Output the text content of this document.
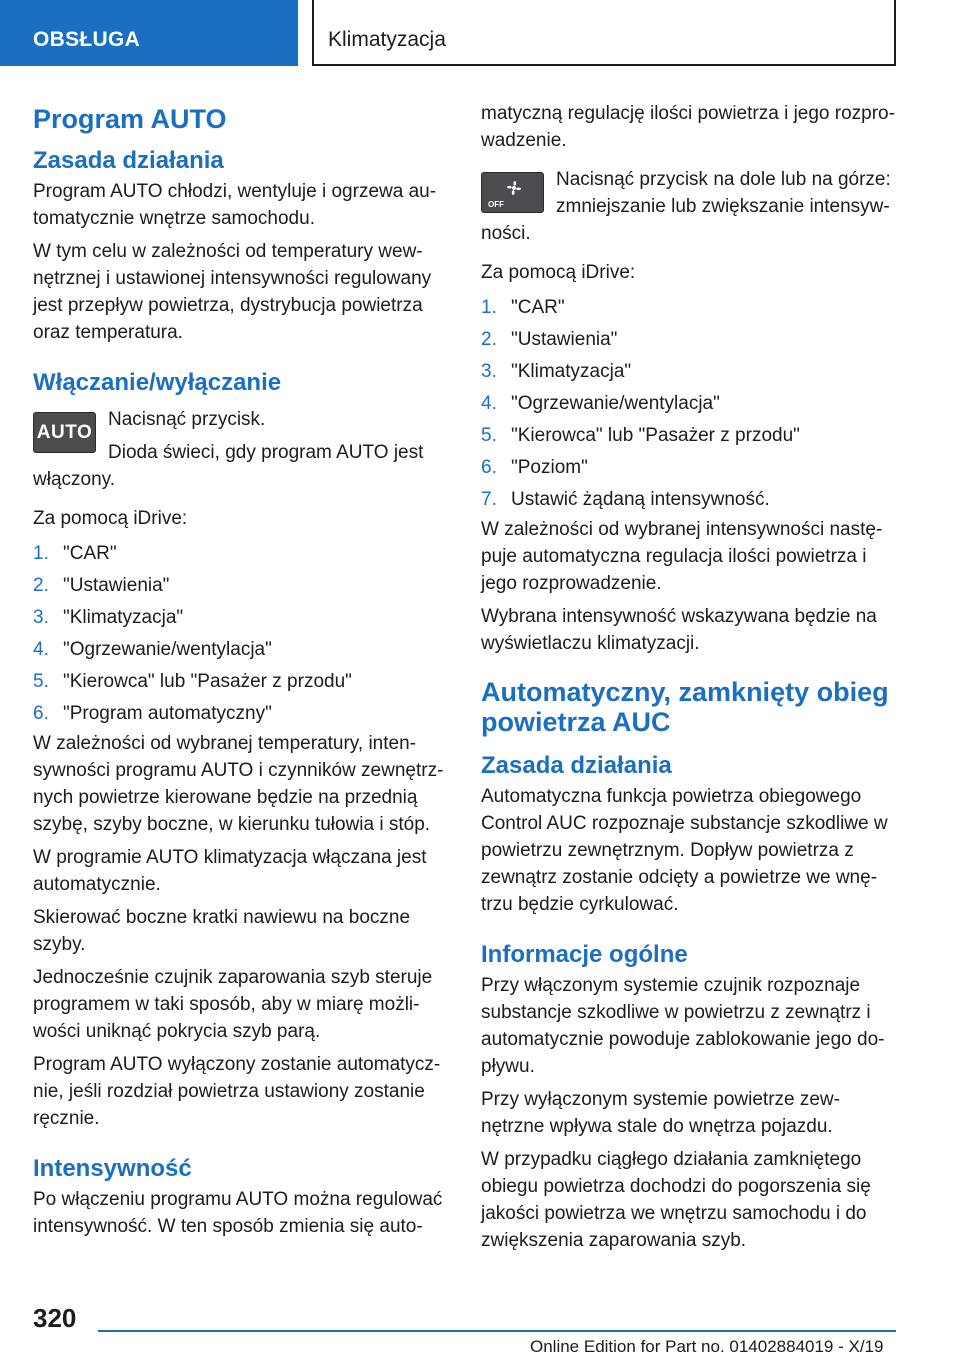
OBSŁUGA	Klimatyzacja
Program AUTO
Zasada działania

Program AUTO chłodzi, wentyluje i ogrzewa au-tomatycznie wnętrze samochodu.

W tym celu w zależności od temperatury wew-nętrznej i ustawionej intensywności regulowany jest przepływ powietrza, dystrybucja powietrza oraz temperatura.

Włączanie/wyłączanie
AUTO

Nacisnąć przycisk.

Dioda świeci, gdy program AUTO jest włączony.

Za pomocą iDrive:

1. "CAR"
2. "Ustawienia"
3. "Klimatyzacja"
4. "Ogrzewanie/wentylacja"
5. "Kierowca" lub "Pasażer z przodu"
6. "Program automatyczny"

W zależności od wybranej temperatury, inten-sywności programu AUTO i czynników zewnętrz-nych powietrze kierowane będzie na przednią szybę, szyby boczne, w kierunku tułowia i stóp.

W programie AUTO klimatyzacja włączana jest automatycznie.

Skierować boczne kratki nawiewu na boczne szyby.

Jednocześnie czujnik zaparowania szyb steruje programem w taki sposób, aby w miarę możli-wości uniknąć pokrycia szyb parą.

Program AUTO wyłączony zostanie automatycz-nie, jeśli rozdział powietrza ustawiony zostanie ręcznie.

Intensywność

Po włączeniu programu AUTO można regulować intensywność. W ten sposób zmienia się auto-

matyczną regulację ilości powietrza i jego rozpro-wadzenie.

OFF

Nacisnąć przycisk na dole lub na górze: zmniejszanie lub zwiększanie intensyw-ności.

Za pomocą iDrive:

1. "CAR"
2. "Ustawienia"
3. "Klimatyzacja"
4. "Ogrzewanie/wentylacja"
5. "Kierowca" lub "Pasażer z przodu"
6. "Poziom"
7. Ustawić żądaną intensywność.

W zależności od wybranej intensywności nastę-puje automatyczna regulacja ilości powietrza i jego rozprowadzenie.

Wybrana intensywność wskazywana będzie na wyświetlaczu klimatyzacji.

Automatyczny, zamknięty obieg powietrza AUC
Zasada działania

Automatyczna funkcja powietrza obiegowego Control AUC rozpoznaje substancje szkodliwe w powietrzu zewnętrznym. Dopływ powietrza z zewnątrz zostanie odcięty a powietrze we wnę-trzu będzie cyrkulować.

Informacje ogólne

Przy włączonym systemie czujnik rozpoznaje substancje szkodliwe w powietrzu z zewnątrz i automatycznie powoduje zablokowanie jego do-pływu.

Przy wyłączonym systemie powietrze zew-nętrzne wpływa stale do wnętrza pojazdu.

W przypadku ciągłego działania zamkniętego obiegu powietrza dochodzi do pogorszenia się jakości powietrza we wnętrzu samochodu i do zwiększenia zaparowania szyb.

320
Online Edition for Part no. 01402884019 - X/19
